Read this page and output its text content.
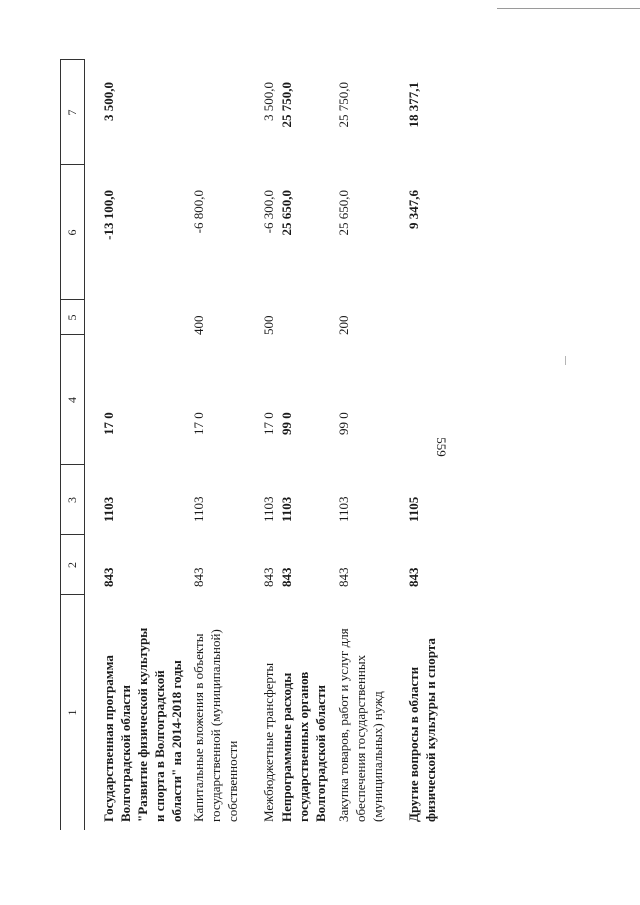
559
1
2
3
4
5
6
7
Государственная программа Волгоградской области "Развитие физической культуры и спорта в Волгоградской области" на 2014-2018 годы
843
1103
17 0
-13 100,0
3 500,0
Капитальные вложения в объекты государственной (муниципальной) собственности
843
1103
17 0
400
-6 800,0
Межбюджетные трансферты
843
1103
17 0
500
-6 300,0
3 500,0
Непрограммные расходы государственных органов Волгоградской области
843
1103
99 0
25 650,0
25 750,0
Закупка товаров, работ и услуг для обеспечения государственных (муниципальных) нужд
843
1103
99 0
200
25 650,0
25 750,0
Другие вопросы в области физической культуры и спорта
843
1105
9 347,6
18 377,1
